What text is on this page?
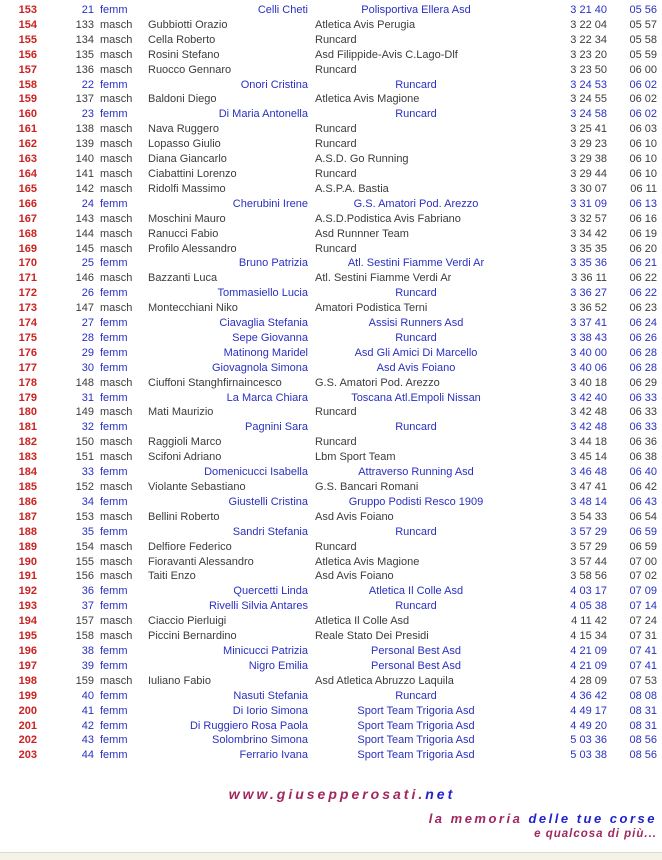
153	21 femm	Celli Cheti	Polisportiva Ellera Asd	3 21 40	05 56
154	133 masch	Gubbiotti Orazio	Atletica Avis Perugia	3 22 04	05 57
155	134 masch	Cella Roberto	Runcard	3 22 34	05 58
156	135 masch	Rosini Stefano	Asd Filippide-Avis C.Lago-Dlf	3 23 20	05 59
157	136 masch	Ruocco Gennaro	Runcard	3 23 50	06 00
158	22 femm	Onori Cristina	Runcard	3 24 53	06 02
159	137 masch	Baldoni Diego	Atletica Avis Magione	3 24 55	06 02
160	23 femm	Di Maria Antonella	Runcard	3 24 58	06 02
161	138 masch	Nava Ruggero	Runcard	3 25 41	06 03
162	139 masch	Lopasso Giulio	Runcard	3 29 23	06 10
163	140 masch	Diana Giancarlo	A.S.D. Go Running	3 29 38	06 10
164	141 masch	Ciabattini Lorenzo	Runcard	3 29 44	06 10
165	142 masch	Ridolfi Massimo	A.S.P.A. Bastia	3 30 07	06 11
166	24 femm	Cherubini Irene	G.S. Amatori Pod. Arezzo	3 31 09	06 13
167	143 masch	Moschini Mauro	A.S.D.Podistica Avis Fabriano	3 32 57	06 16
168	144 masch	Ranucci Fabio	Asd Runnner Team	3 34 42	06 19
169	145 masch	Profilo Alessandro	Runcard	3 35 35	06 20
170	25 femm	Bruno Patrizia	Atl. Sestini Fiamme Verdi Ar	3 35 36	06 21
171	146 masch	Bazzanti Luca	Atl. Sestini Fiamme Verdi Ar	3 36 11	06 22
172	26 femm	Tommasiello Lucia	Runcard	3 36 27	06 22
173	147 masch	Montecchiani Niko	Amatori Podistica Terni	3 36 52	06 23
174	27 femm	Ciavaglia Stefania	Assisi Runners Asd	3 37 41	06 24
175	28 femm	Sepe Giovanna	Runcard	3 38 43	06 26
176	29 femm	Matinong Maridel	Asd Gli Amici Di Marcello	3 40 00	06 28
177	30 femm	Giovagnola Simona	Asd Avis Foiano	3 40 06	06 28
178	148 masch	Ciuffoni Stanghfirnaincesco	G.S. Amatori Pod. Arezzo	3 40 18	06 29
179	31 femm	La Marca Chiara	Toscana Atl.Empoli Nissan	3 42 40	06 33
180	149 masch	Mati Maurizio	Runcard	3 42 48	06 33
181	32 femm	Pagnini Sara	Runcard	3 42 48	06 33
182	150 masch	Raggioli Marco	Runcard	3 44 18	06 36
183	151 masch	Scifoni Adriano	Lbm Sport Team	3 45 14	06 38
184	33 femm	Domenicucci Isabella	Attraverso Running Asd	3 46 48	06 40
185	152 masch	Violante Sebastiano	G.S. Bancari Romani	3 47 41	06 42
186	34 femm	Giustelli Cristina	Gruppo Podisti Resco 1909	3 48 14	06 43
187	153 masch	Bellini Roberto	Asd Avis Foiano	3 54 33	06 54
188	35 femm	Sandri Stefania	Runcard	3 57 29	06 59
189	154 masch	Delfiore Federico	Runcard	3 57 29	06 59
190	155 masch	Fioravanti Alessandro	Atletica Avis Magione	3 57 44	07 00
191	156 masch	Taiti Enzo	Asd Avis Foiano	3 58 56	07 02
192	36 femm	Quercetti Linda	Atletica Il Colle Asd	4 03 17	07 09
193	37 femm	Rivelli Silvia Antares	Runcard	4 05 38	07 14
194	157 masch	Ciaccio Pierluigi	Atletica Il Colle Asd	4 11 42	07 24
195	158 masch	Piccini Bernardino	Reale Stato Dei Presidi	4 15 34	07 31
196	38 femm	Minicucci Patrizia	Personal Best Asd	4 21 09	07 41
197	39 femm	Nigro Emilia	Personal Best Asd	4 21 09	07 41
198	159 masch	Iuliano Fabio	Asd Atletica Abruzzo Laquila	4 28 09	07 53
199	40 femm	Nasuti Stefania	Runcard	4 36 42	08 08
200	41 femm	Di Iorio Simona	Sport Team Trigoria Asd	4 49 17	08 31
201	42 femm	Di Ruggiero Rosa Paola	Sport Team Trigoria Asd	4 49 20	08 31
202	43 femm	Solombrino Simona	Sport Team Trigoria Asd	5 03 36	08 56
203	44 femm	Ferrario Ivana	Sport Team Trigoria Asd	5 03 38	08 56
www.giusepperosati.net
la memoria delle tue corse
e qualcosa di più...
